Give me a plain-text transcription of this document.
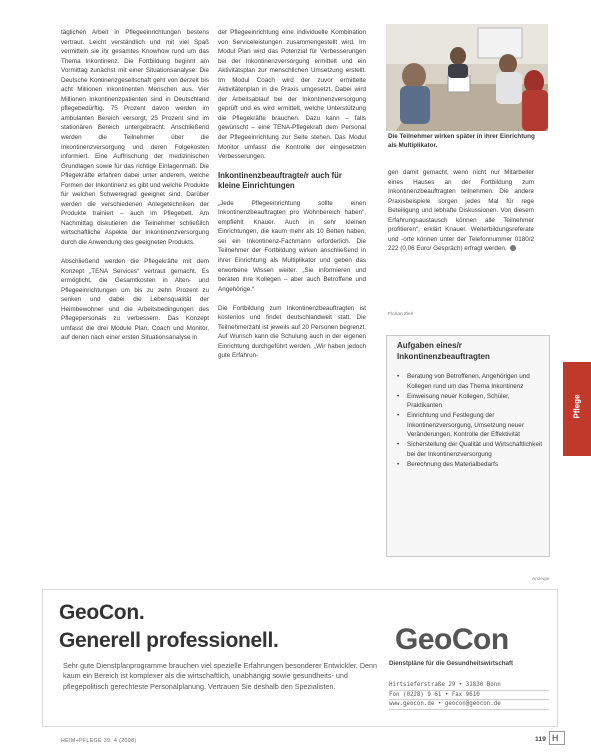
täglichen Arbeit in Pflegeeinrichtungen bestens vertraut. Leicht verständlich und mit viel Spaß vermitteln sie ihr gesamtes Knowhow rund um das Thema Inkontinenz. Die Fortbildung beginnt am Vormittag zunächst mit einer Situationsanalyse: Die Deutsche Kontinenzgesellschaft geht von derzeit bis acht Millionen inkontinenten Menschen aus. Vier Millionen Inkontinenzpatienten sind in Deutschland pflegebedürftig. 75 Prozent davon werden im ambulanten Bereich versorgt, 25 Prozent sind im stationären Bereich untergebracht. Anschließend werden die Teilnehmer über die Inkontinenzversorgung und deren Folgekosten informiert. Eine Auffrischung der medizinischen Grundlagen sowie für das richtige Einlagenmaß. Die Pflegekräfte erfahren dabei unter anderem, welche Formen der Inkontinenz es gibt und welche Produkte für welchen Schweregrad geeignet sind. Darüber werden die verschiedenen Anlegetechniken der Produkte trainiert – auch im Pflegebett. Am Nachmittag diskutieren die Teilnehmer schließlich wirtschaftliche Aspekte der Inkontinenzversorgung durch die Anwendung des geeigneten Produkts.

Abschließend werden die Pflegekräfte mit dem Konzept „TENA Services“ vertraut gemacht. Es ermöglicht, die Gesamtkosten in Alten- und Pflegeeinrichtungen um bis zu zehn Prozent zu senken und dabei die Lebensqualität der Heimbewohner und die Arbeitsbedingungen des Pflegepersonals zu verbessern. Das Konzept umfasst die drei Module Plan, Coach und Monitor, auf denen nach einer ersten Situationsanalyse in

der Pflegeeinrichtung eine individuelle Kombination von Serviceleistungen zusammengestellt wird. Im Modul Plan wird das Potenzial für Verbesserungen bei der Inkontinenzversorgung ermittelt und ein Aktivitätsplan zur menschlichen Umsetzung erstellt. Im Modul Coach wird der zuvor ermittelte Aktivitätenplan in die Praxis umgesetzt. Dabei wird der Arbeitsablauf bei der Inkontinenzversorgung geprüft und es wird ermittelt, welche Unterstützung die Pflegekräfte brauchen. Dazu kann – falls gewünscht – eine TENA-Pflegekraft dem Personal der Pflegeeinrichtung zur Seite stehen. Das Modul Monitor umfasst die Kontrolle der eingesetzten Verbesserungen.

Inkontinenzbeauftragte/r auch für kleine Einrichtungen

„Jede Pflegeeinrichtung sollte einen Inkontinenzbeauftragten pro Wohnbereich haben“, empfiehlt Knauer. Auch in sehr kleinen Einrichtungen, die kaum mehr als 10 Betten haben, sei ein Inkontinenz-Fachmann erforderlich. Die Teilnehmer der Fortbildung wirken anschließend in ihrer Einrichtung als Multiplikator und geben das erworbene Wissen weiter. „Sie informieren und beraten ihre Kollegen – aber auch Betroffene und Angehörige.“

Die Fortbildung zum Inkontinenzbeauftragten ist kostenlos und findet deutschlandweit statt. Die Teilnehmerzahl ist jeweils auf 20 Personen begrenzt. Auf Wunsch kann die Schulung auch in der eigenen Einrichtung durchgeführt werden. „Wir haben jedoch gute Erfahrun-

Die Teilnehmer wirken später in ihrer Einrichtung als Multiplikator.

gen damit gemacht, wenn nicht nur Mitarbeiter eines Hauses an der Fortbildung zum Inkontinenzbeauftragten teilnehmen. Die andere Praxisbeispiele sorgen jedes Mal für rege Beteiligung und lebhafte Diskussionen. Von diesem Erfahrungsaustausch können alle Teilnehmer profitieren“, erklärt Knauer. Weiterbildungsreferate und -orte können unter der Telefonnummer 0180/2 222 (0,06 Euro/ Gespräch) erfragt werden.

Florian Zierl
Aufgaben eines/r Inkontinenzbeauftragten
• Beratung von Betroffenen, Angehörigen und Kollegen rund um das Thema Inkontinenz
• Einweisung neuer Kollegen, Schüler, Praktikanten
• Einrichtung und Festlegung der Inkontinenzversorgung, Umsetzung neuer Veränderungen, Kontrolle der Effektivität
• Sicherstellung der Qualität und Wirtschaftlichkeit bei der Inkontinenzversorgung
• Berechnung des Materialbedarfs
Pflege
Anzeige
GeoCon.
Generell professionell.
Sehr gute Dienstplanprogramme brauchen viel spezielle Erfahrungen besonderer Entwickler. Denn kaum ein Bereich ist komplexer als die wirtschaftlich, unabhängig sowie gesundheits- und pflegepolitisch gerechteste Personalplanung. Vertrauen Sie deshalb den Spezialisten.
GeoCon
Dienstpläne für die Gesundheitswirtschaft
Hirtsieferstraße 29 • 31830 Bonn
Fon (0228) 9 61 • Fax 9610
www.geocon.de • geocon@geocon.de
HEIM+PFLEGE 39. 4 (2008)	119 H
